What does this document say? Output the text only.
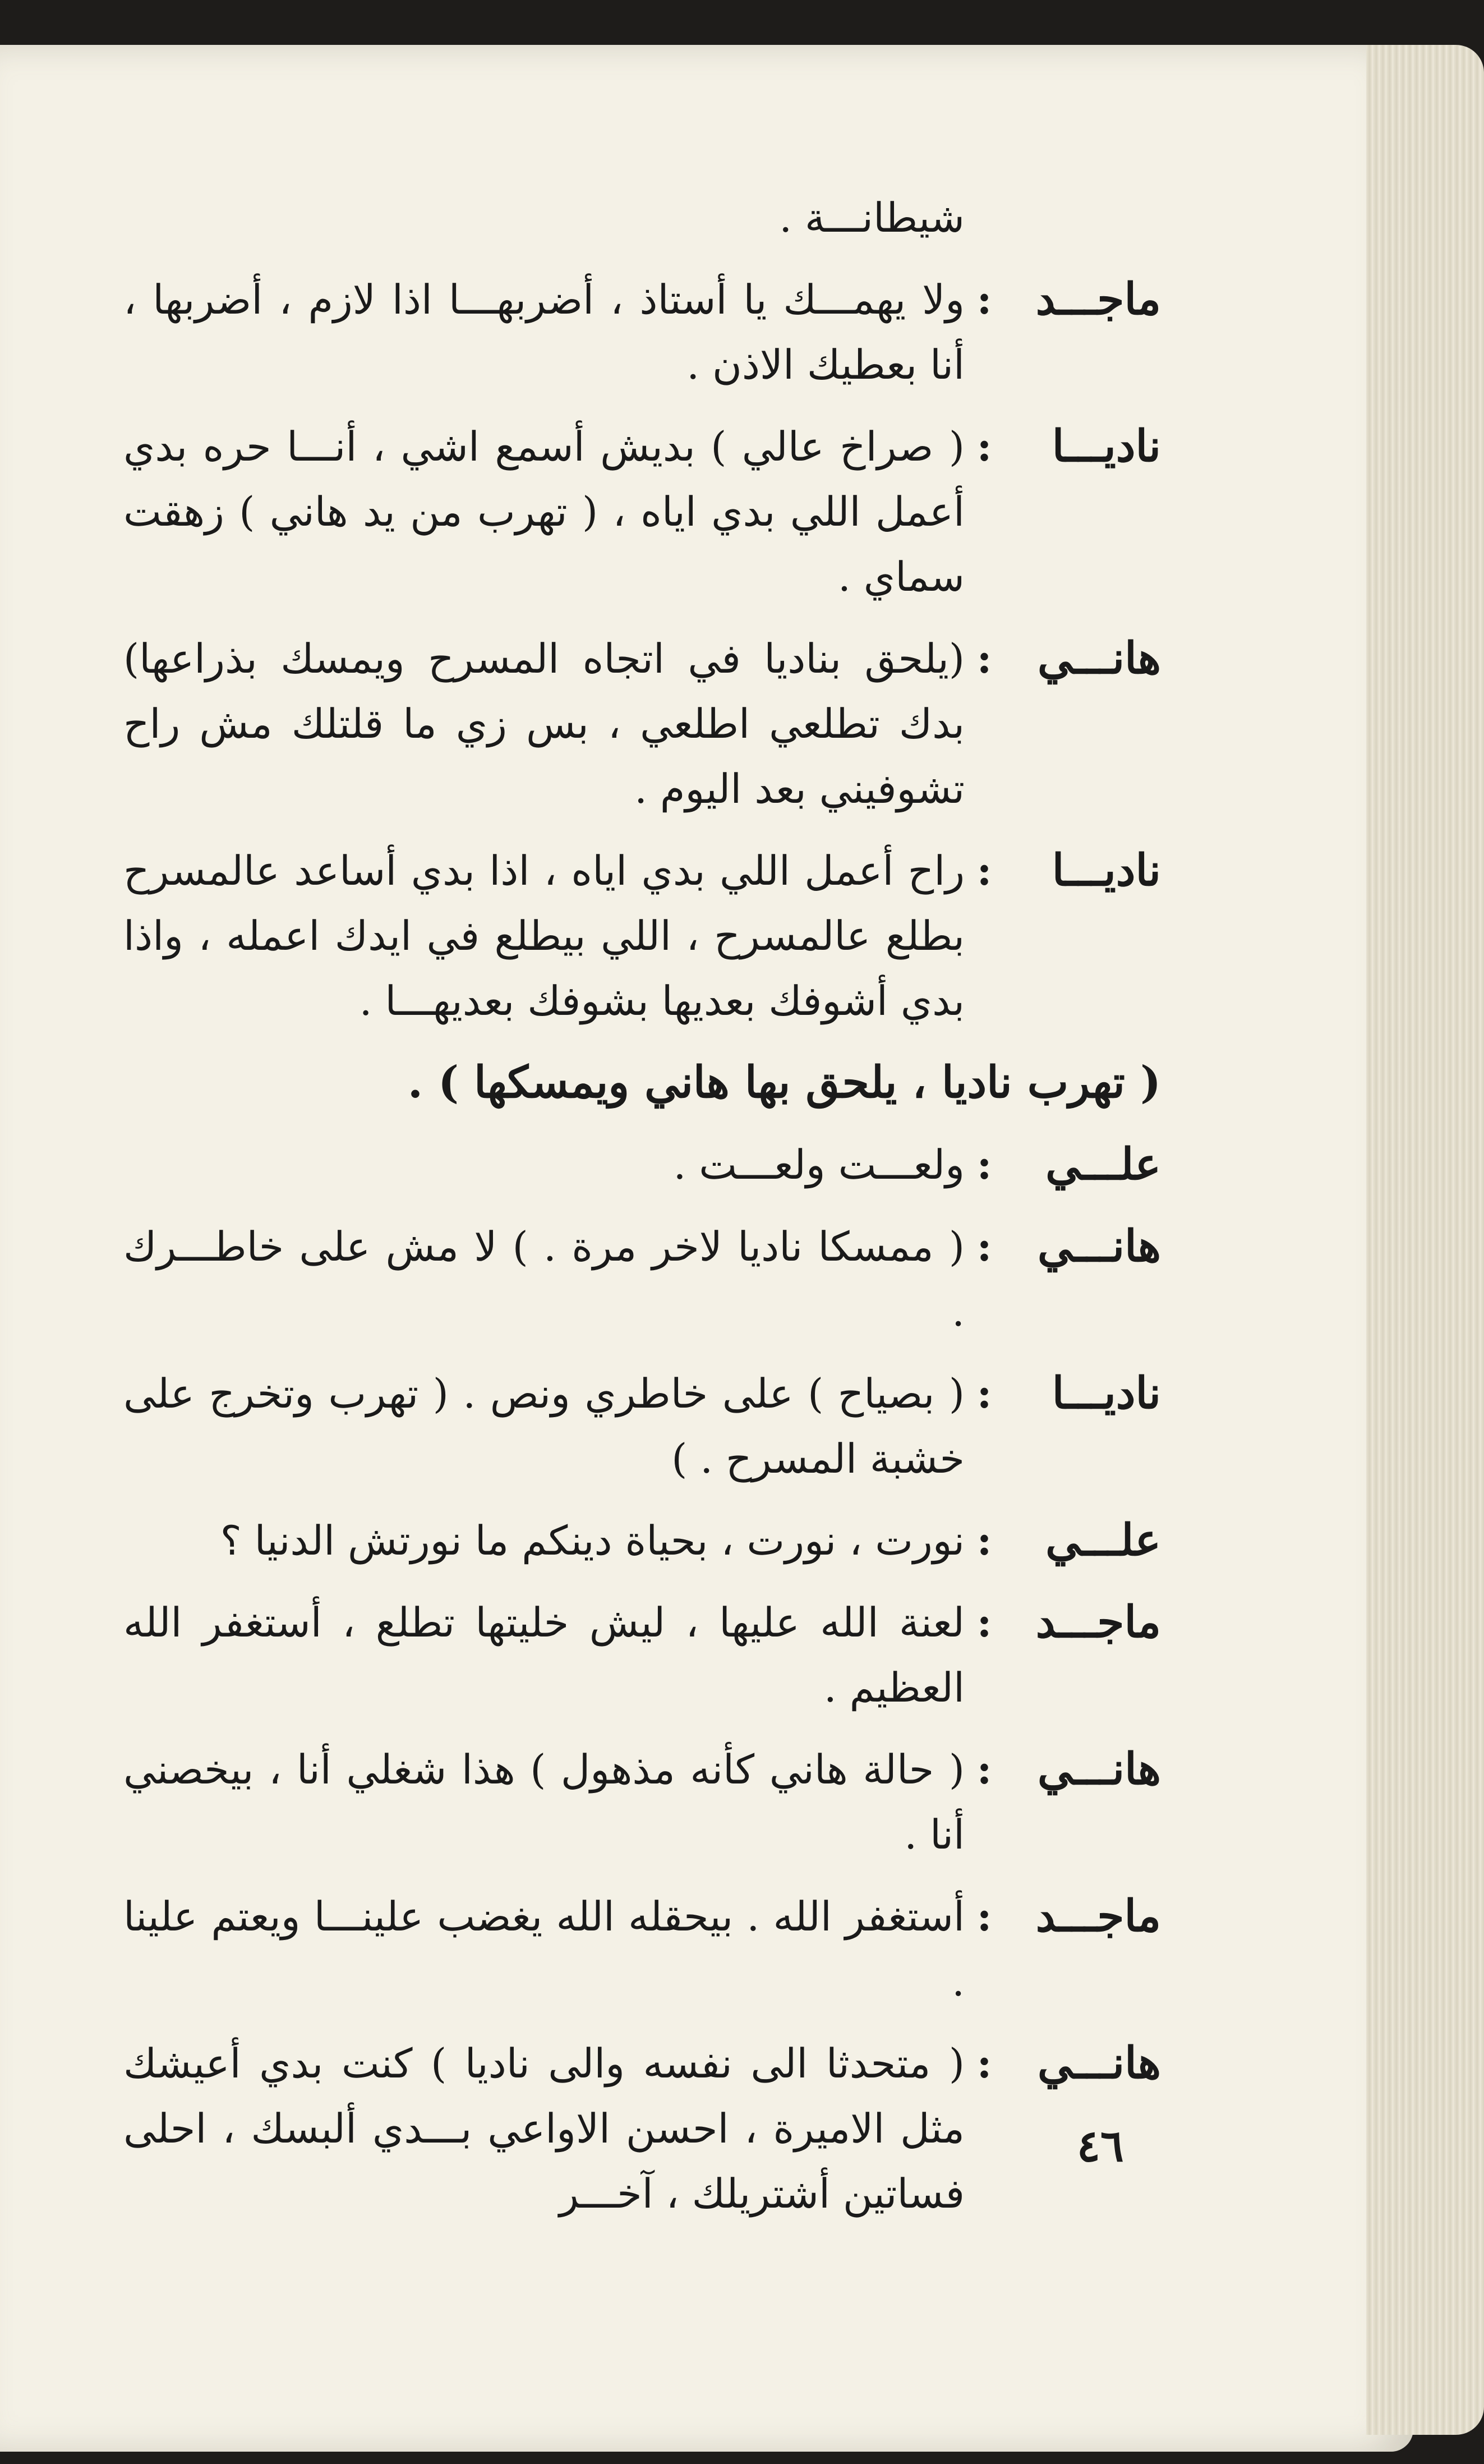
شيطانـــة .
ماجـــد
:
ولا يهمـــك يا أستاذ ، أضربهـــا اذا لازم ، أضربها ، أنا بعطيك الاذن .
ناديـــا
:
( صراخ عالي ) بديش أسمع اشي ، أنـــا حره بدي أعمل اللي بدي اياه ، ( تهرب من يد هاني ) زهقت سماي .
هانـــي
:
(يلحق بناديا في اتجاه المسرح ويمسك بذراعها) بدك تطلعي اطلعي ، بس زي ما قلتلك مش راح تشوفيني بعد اليوم .
ناديـــا
:
راح أعمل اللي بدي اياه ، اذا بدي أساعد عالمسرح بطلع عالمسرح ، اللي بيطلع في ايدك اعمله ، واذا بدي أشوفك بعديها بشوفك بعديهـــا .
( تهرب ناديا ، يلحق بها هاني ويمسكها ) .
علـــي
:
ولعـــت ولعـــت .
هانـــي
:
( ممسكا ناديا لاخر مرة . ) لا مش على خاطـــرك .
ناديـــا
:
( بصياح ) على خاطري ونص . ( تهرب وتخرج على خشبة المسرح . )
علـــي
:
نورت ، نورت ، بحياة دينكم ما نورتش الدنيا ؟
ماجـــد
:
لعنة الله عليها ، ليش خليتها تطلع ، أستغفر الله العظيم .
هانـــي
:
( حالة هاني كأنه مذهول ) هذا شغلي أنا ، بيخصني أنا .
ماجـــد
:
أستغفر الله . بيحقله الله يغضب علينـــا ويعتم علينا .
هانـــي
:
( متحدثا الى نفسه والى ناديا ) كنت بدي أعيشك مثل الاميرة ، احسن الاواعي بـــدي ألبسك ، احلى فساتين أشتريلك ، آخـــر
٤٦
